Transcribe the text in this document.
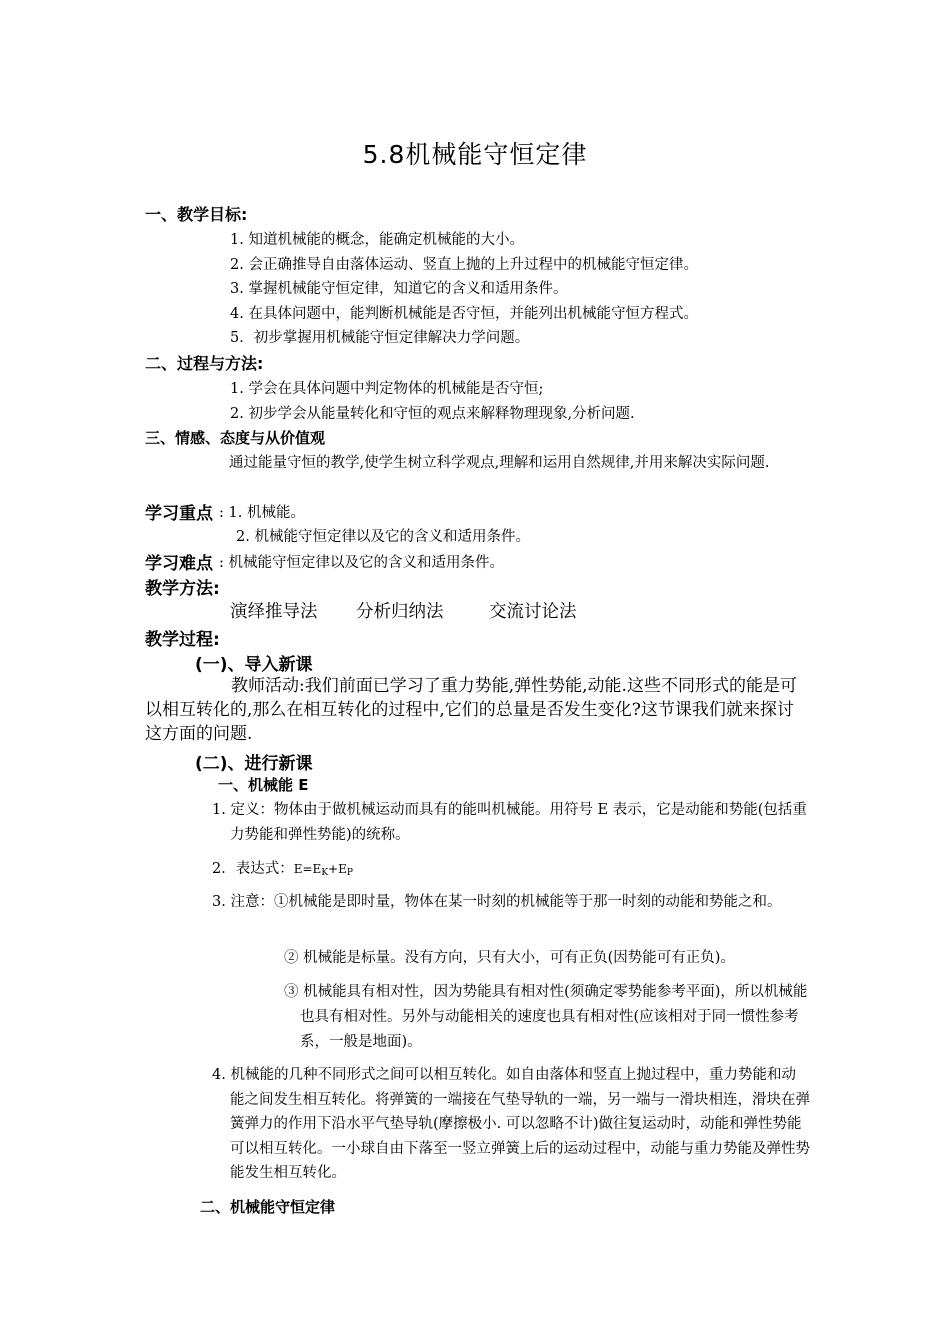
5.8机械能守恒定律
一、教学目标:
1. 知道机械能的概念，能确定机械能的大小。
2. 会正确推导自由落体运动、竖直上抛的上升过程中的机械能守恒定律。
3. 掌握机械能守恒定律，知道它的含义和适用条件。
4. 在具体问题中，能判断机械能是否守恒，并能列出机械能守恒方程式。
5．初步掌握用机械能守恒定律解决力学问题。
二、过程与方法:
1. 学会在具体问题中判定物体的机械能是否守恒;
2. 初步学会从能量转化和守恒的观点来解释物理现象,分析问题.
三、情感、态度与从价值观
通过能量守恒的教学,使学生树立科学观点,理解和运用自然规律,并用来解决实际问题.
学习重点 : 1. 机械能。
2. 机械能守恒定律以及它的含义和适用条件。
学习难点 : 机械能守恒定律以及它的含义和适用条件。
教学方法:
演绎推导法 分析归纳法	交流讨论法
教学过程:
(一)、导入新课
教师活动:我们前面已学习了重力势能,弹性势能,动能.这些不同形式的能是可以相互转化的,那么在相互转化的过程中,它们的总量是否发生变化?这节课我们就来探讨这方面的问题.
(二)、进行新课
一、机械能 E
1. 定义：物体由于做机械运动而具有的能叫机械能。用符号 E 表示，它是动能和势能(包括重力势能和弹性势能)的统称。
2．表达式：$E=E_K+E_P$
3. 注意： ①机械能是即时量，物体在某一时刻的机械能等于那一时刻的动能和势能之和。
② 机械能是标量。没有方向，只有大小，可有正负(因势能可有正负)。
③ 机械能具有相对性，因为势能具有相对性(须确定零势能参考平面)，所以机械能也具有相对性。另外与动能相关的速度也具有相对性(应该相对于同一惯性参考系，一般是地面)。
4. 机械能的几种不同形式之间可以相互转化。如自由落体和竖直上抛过程中，重力势能和动能之间发生相互转化。将弹簧的一端接在气垫导轨的一端，另一端与一滑块相连，滑块在弹簧弹力的作用下沿水平气垫导轨(摩擦极小. 可以忽略不计)做往复运动时，动能和弹性势能可以相互转化。一小球自由下落至一竖立弹簧上后的运动过程中，动能与重力势能及弹性势能发生相互转化。
二、机械能守恒定律
